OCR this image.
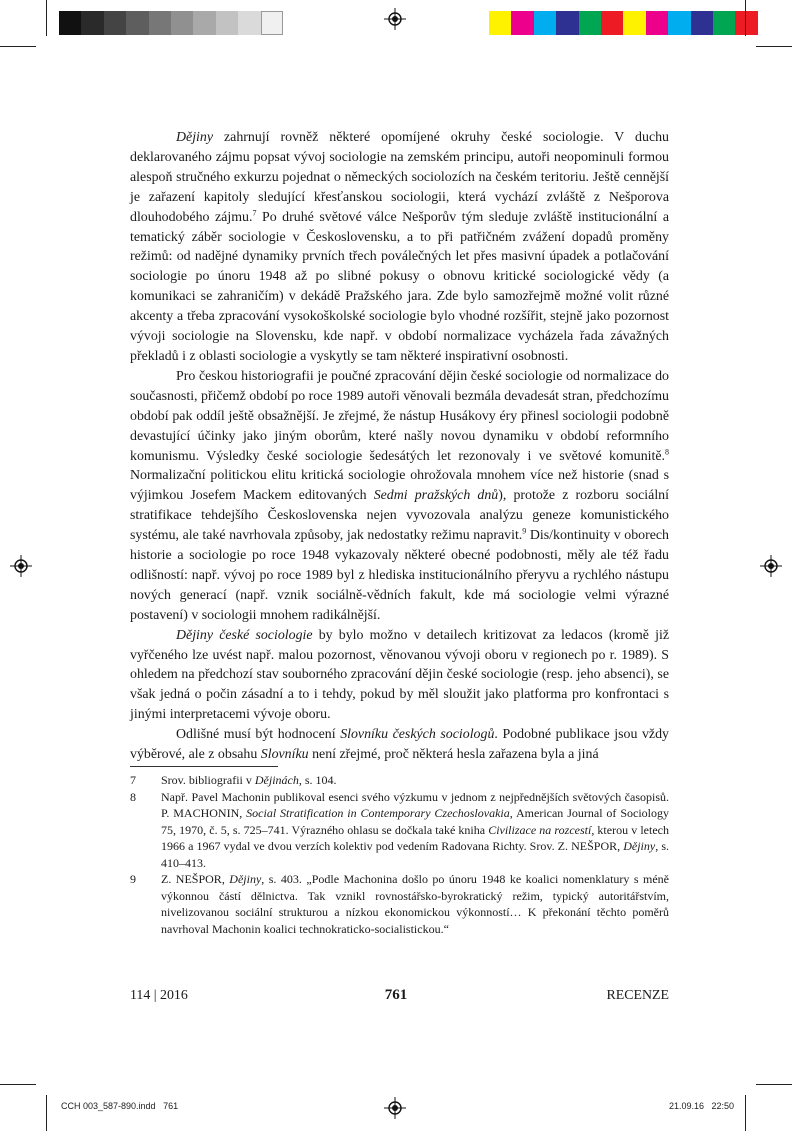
Dějiny zahrnují rovněž některé opomíjené okruhy české sociologie. V duchu deklarovaného zájmu popsat vývoj sociologie na zemském principu, autoři neopominuli formou alespoň stručného exkurzu pojednat o německých sociolozích na českém teritoriu. Ještě cennější je zařazení kapitoly sledující křesťanskou sociologii, která vychází zvláště z Nešporova dlouhodobého zájmu.$^7$ Po druhé světové válce Nešporův tým sleduje zvláště institucionální a tematický záběr sociologie v Československu, a to při patřičném zvážení dopadů proměny režimů: od nadějné dynamiky prvních třech poválečných let přes masivní úpadek a potlačování sociologie po únoru 1948 až po slibné pokusy o obnovu kritické sociologické vědy (a komunikaci se zahraničím) v dekádě Pražského jara. Zde bylo samozřejmě možné volit různé akcenty a třeba zpracování vysokoškolské sociologie bylo vhodné rozšířit, stejně jako pozornost vývoji sociologie na Slovensku, kde např. v období normalizace vycházela řada závažných překladů i z oblasti sociologie a vyskytly se tam některé inspirativní osobnosti.

Pro českou historiografii je poučné zpracování dějin české sociologie od normalizace do současnosti, přičemž období po roce 1989 autoři věnovali bezmála devadesát stran, předchozímu období pak oddíl ještě obsažnější. Je zřejmé, že nástup Husákovy éry přinesl sociologii podobně devastující účinky jako jiným oborům, které našly novou dynamiku v období reformního komunismu. Výsledky české sociologie šedesátých let rezonovaly i ve světové komunitě.$^8$ Normalizační politickou elitu kritická sociologie ohrožovala mnohem více než historie (snad s výjimkou Josefem Mackem editovaných Sedmi pražských dnů), protože z rozboru sociální stratifikace tehdejšího Československa nejen vyvozovala analýzu geneze komunistického systému, ale také navrhovala způsoby, jak nedostatky režimu napravit.$^9$ Dis/kontinuity v oborech historie a sociologie po roce 1948 vykazovaly některé obecné podobnosti, měly ale též řadu odlišností: např. vývoj po roce 1989 byl z hlediska institucionálního přeryvu a rychlého nástupu nových generací (např. vznik sociálně-vědních fakult, kde má sociologie velmi výrazné postavení) v sociologii mnohem radikálnější.

Dějiny české sociologie by bylo možno v detailech kritizovat za ledacos (kromě již vyřčeného lze uvést např. malou pozornost, věnovanou vývoji oboru v regionech po r. 1989). S ohledem na předchozí stav souborného zpracování dějin české sociologie (resp. jeho absenci), se však jedná o počin zásadní a to i tehdy, pokud by měl sloužit jako platforma pro konfrontaci s jinými interpretacemi vývoje oboru.

Odlišné musí být hodnocení Slovníku českých sociologů. Podobné publikace jsou vždy výběrové, ale z obsahu Slovníku není zřejmé, proč některá hesla zařazena byla a jiná

7	Srov. bibliografii v Dějinách, s. 104.
8	Např. Pavel Machonin publikoval esenci svého výzkumu v jednom z nejpřednějších světových časopisů. P. MACHONIN, Social Stratification in Contemporary Czechoslovakia, American Journal of Sociology 75, 1970, č. 5, s. 725–741. Výrazného ohlasu se dočkala také kniha Civilizace na rozcestí, kterou v letech 1966 a 1967 vydal ve dvou verzích kolektiv pod vedením Radovana Richty. Srov. Z. NEŠPOR, Dějiny, s. 410–413.
9	Z. NEŠPOR, Dějiny, s. 403. „Podle Machonina došlo po únoru 1948 ke koalici nomenklatury s méně výkonnou částí dělnictva. Tak vznikl rovnostářsko-byrokratický režim, typický autoritářstvím, nivelizovanou sociální strukturou a nízkou ekonomickou výkonností… K překonání těchto poměrů navrhoval Machonin koalici technokraticko-socialistickou.“
114 | 2016	761	RECENZE
CCH 003_587-890.indd   761	21.09.16   22:50
